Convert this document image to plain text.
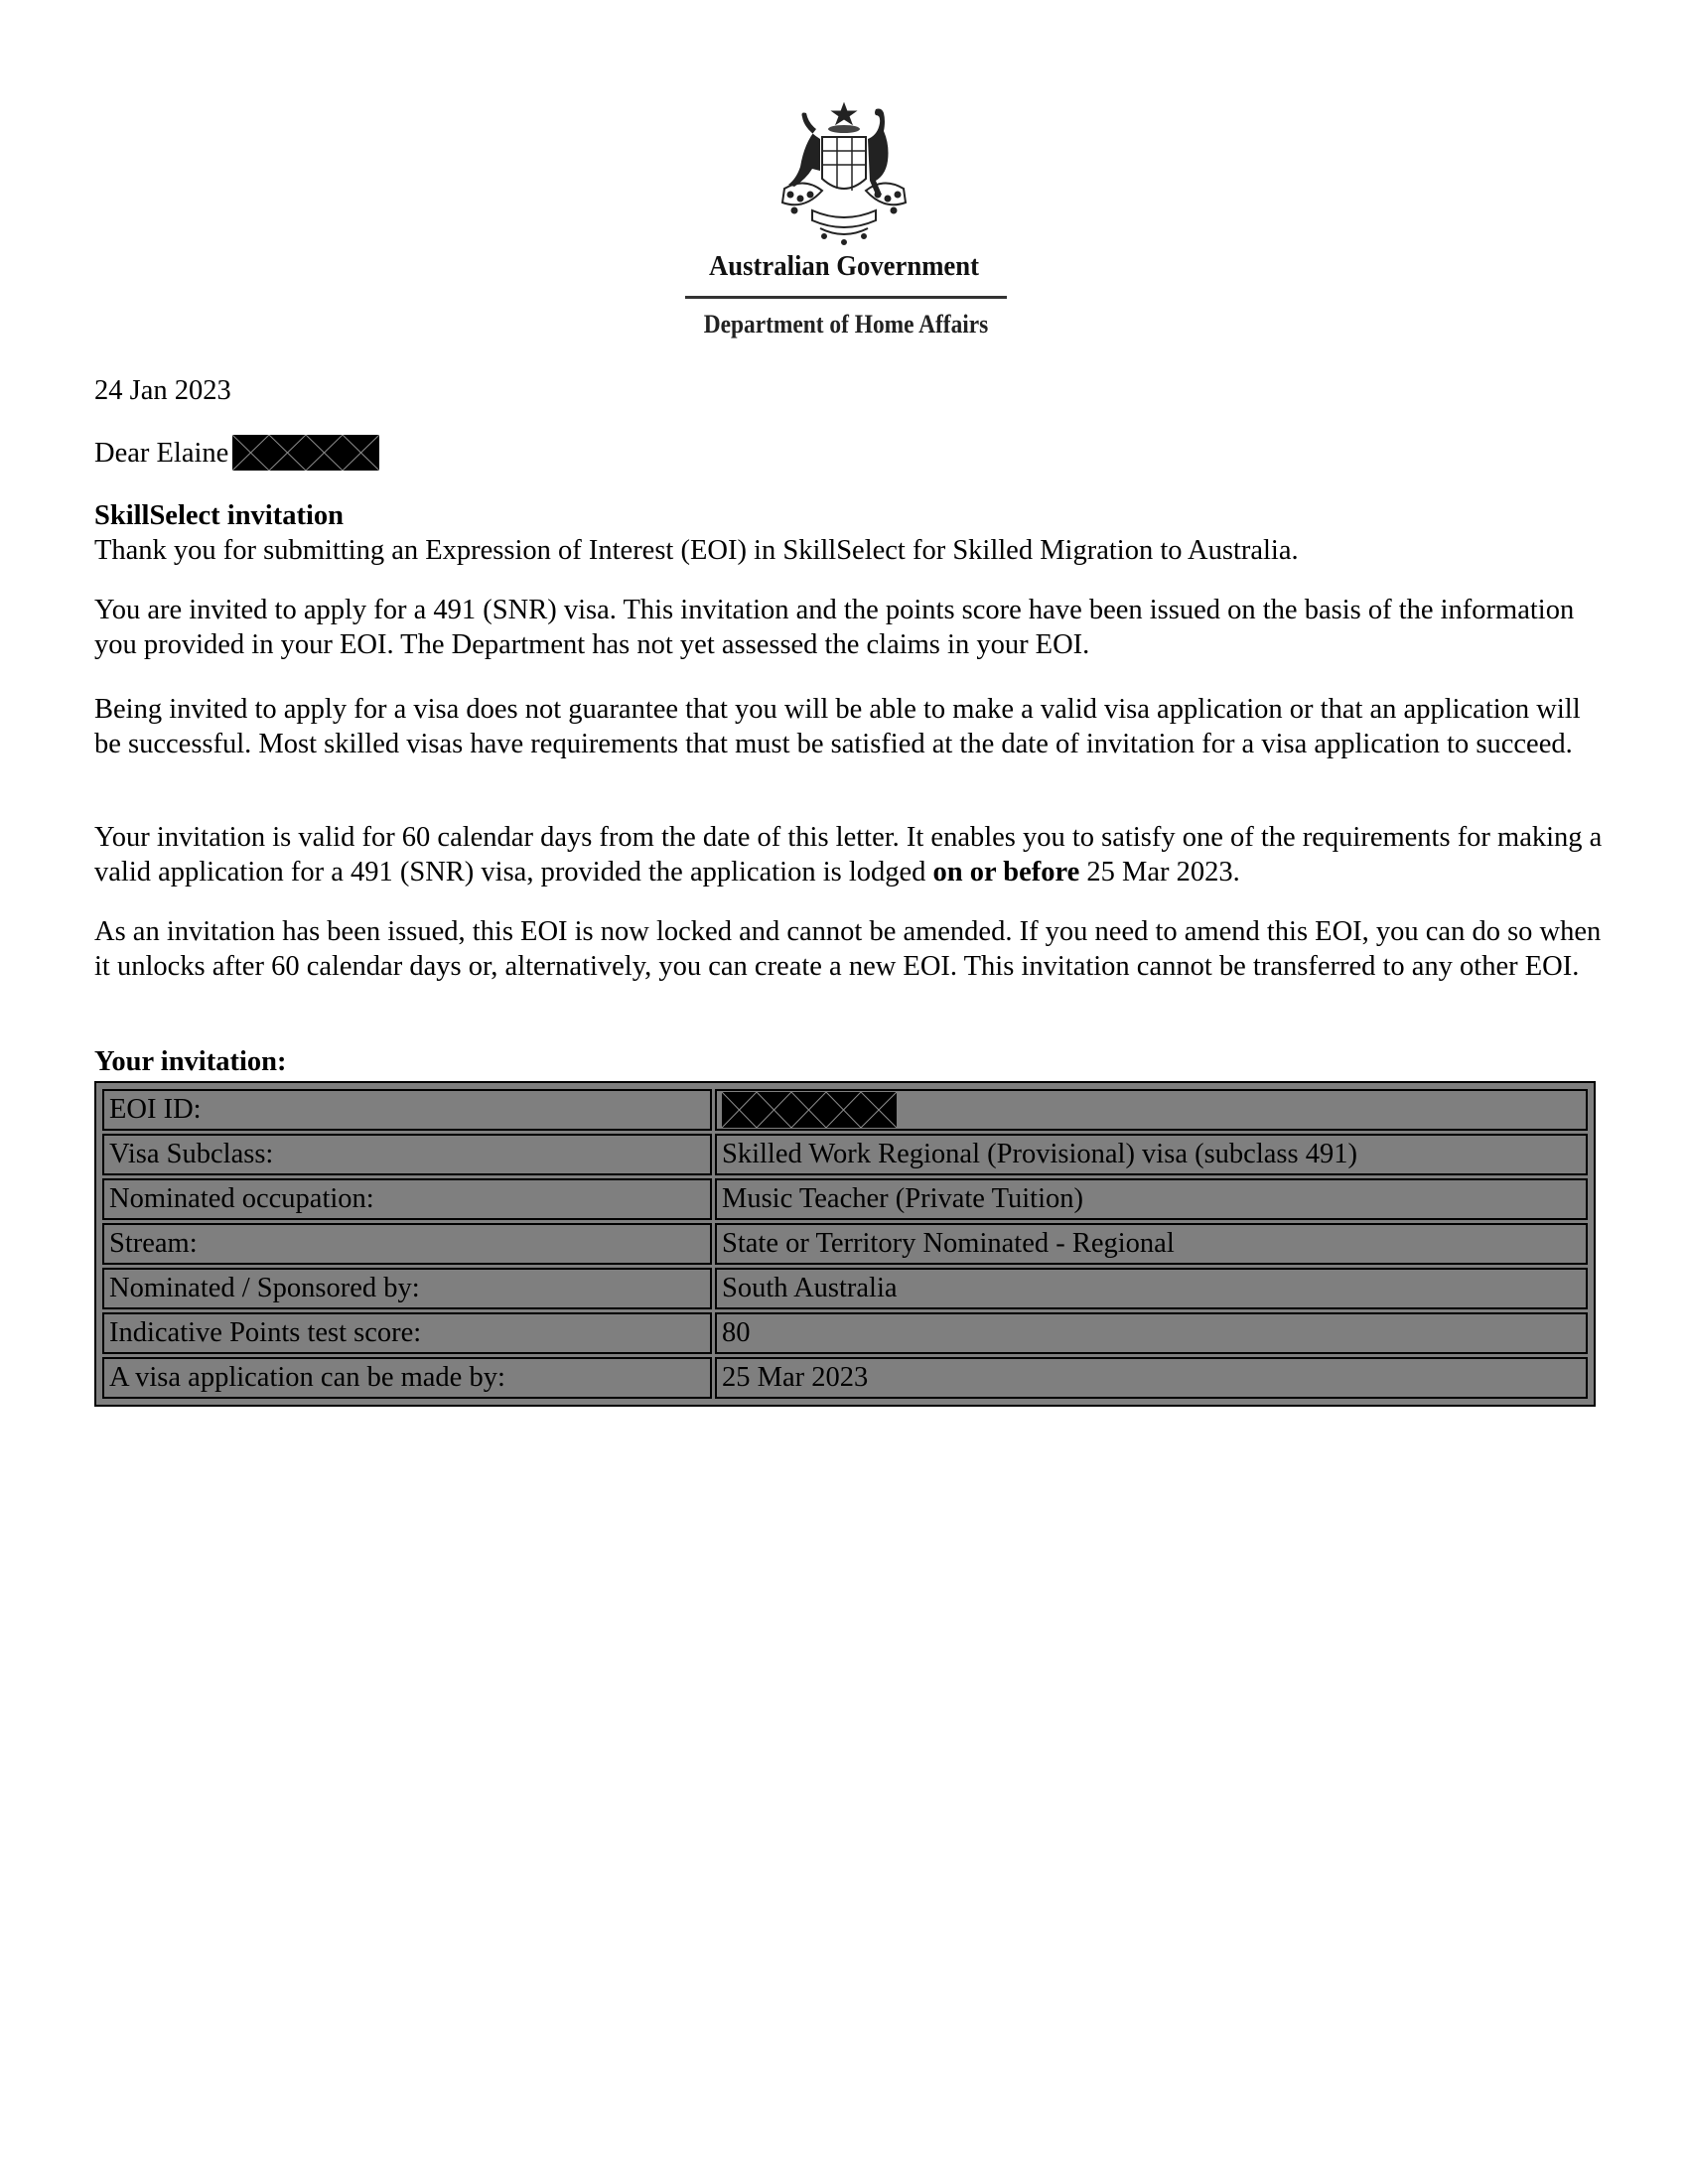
Australian Government
Department of Home Affairs
24 Jan 2023
Dear Elaine
SkillSelect invitation
Thank you for submitting an Expression of Interest (EOI) in SkillSelect for Skilled Migration to Australia.
You are invited to apply for a 491 (SNR) visa. This invitation and the points score have been issued on the basis of the information you provided in your EOI. The Department has not yet assessed the claims in your EOI.
Being invited to apply for a visa does not guarantee that you will be able to make a valid visa application or that an application will be successful. Most skilled visas have requirements that must be satisfied at the date of invitation for a visa application to succeed.
Your invitation is valid for 60 calendar days from the date of this letter. It enables you to satisfy one of the requirements for making a valid application for a 491 (SNR) visa, provided the application is lodged on or before 25 Mar 2023.
As an invitation has been issued, this EOI is now locked and cannot be amended. If you need to amend this EOI, you can do so when it unlocks after 60 calendar days or, alternatively, you can create a new EOI. This invitation cannot be transferred to any other EOI.
Your invitation:
EOI ID:	

Visa Subclass:	Skilled Work Regional (Provisional) visa (subclass 491)
Nominated occupation:	Music Teacher (Private Tuition)
Stream:	State or Territory Nominated - Regional
Nominated / Sponsored by:	South Australia
Indicative Points test score:	80
A visa application can be made by:	25 Mar 2023
